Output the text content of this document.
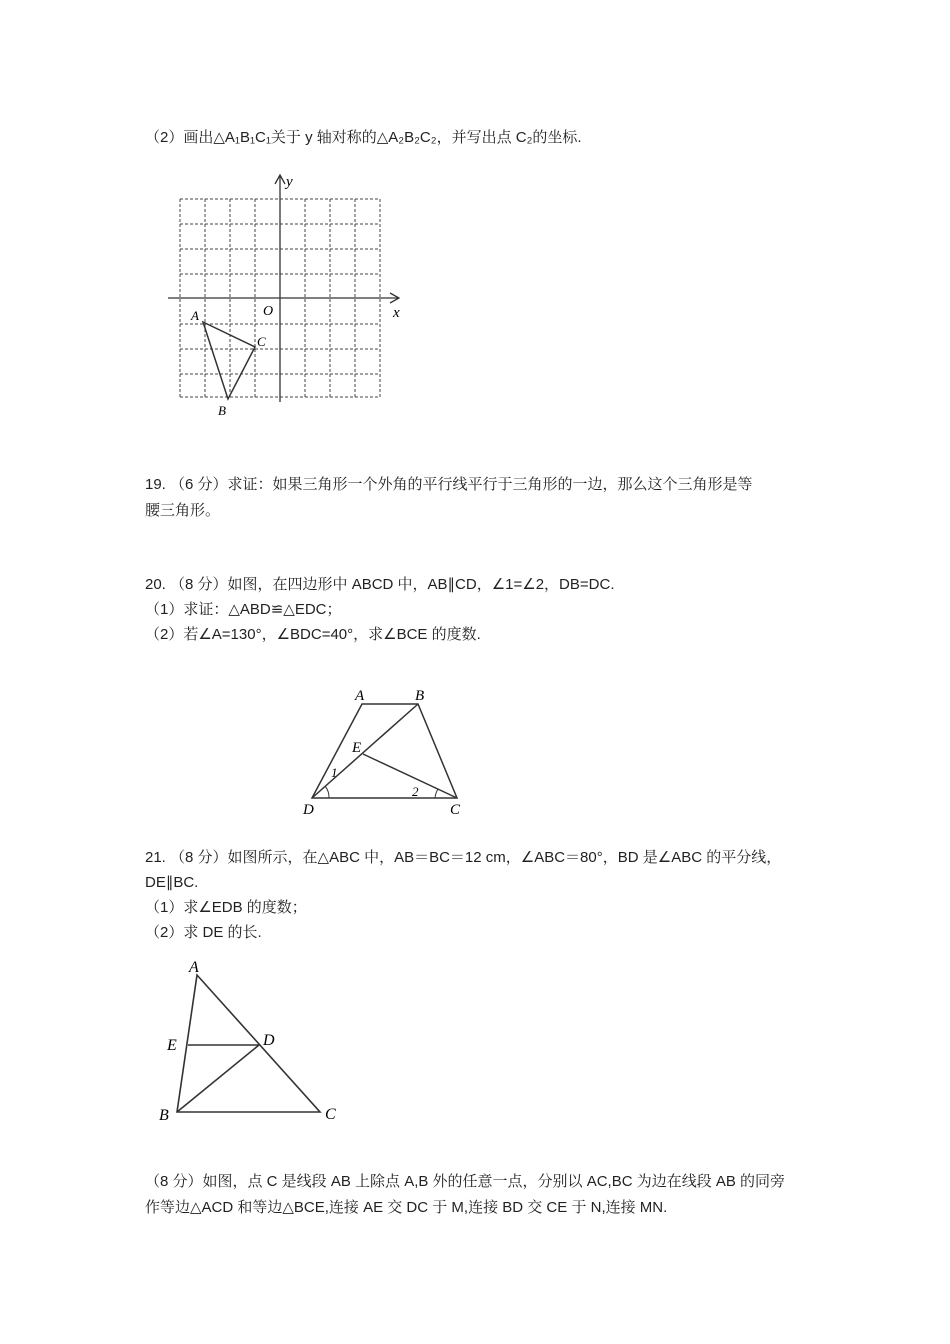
（2）画出△A₁B₁C₁关于 y 轴对称的△A₂B₂C₂，并写出点 C₂的坐标.
y
x
O
A
C
B
19. （6 分）求证：如果三角形一个外角的平行线平行于三角形的一边，那么这个三角形是等
腰三角形。
20. （8 分）如图，在四边形中 ABCD 中，AB∥CD，∠1=∠2，DB=DC.
（1）求证：△ABD≌△EDC；
（2）若∠A=130°，∠BDC=40°，求∠BCE 的度数.
A	B
E
1
2
D	C
21. （8 分）如图所示，在△ABC 中，AB＝BC＝12 cm，∠ABC＝80°，BD 是∠ABC 的平分线，
DE∥BC.
（1）求∠EDB 的度数；
（2）求 DE 的长.
A
E	D
B	C
（8 分）如图，点 C 是线段 AB 上除点 A,B 外的任意一点，分别以 AC,BC 为边在线段 AB 的同旁
作等边△ACD 和等边△BCE,连接 AE 交 DC 于 M,连接 BD 交 CE 于 N,连接 MN.
